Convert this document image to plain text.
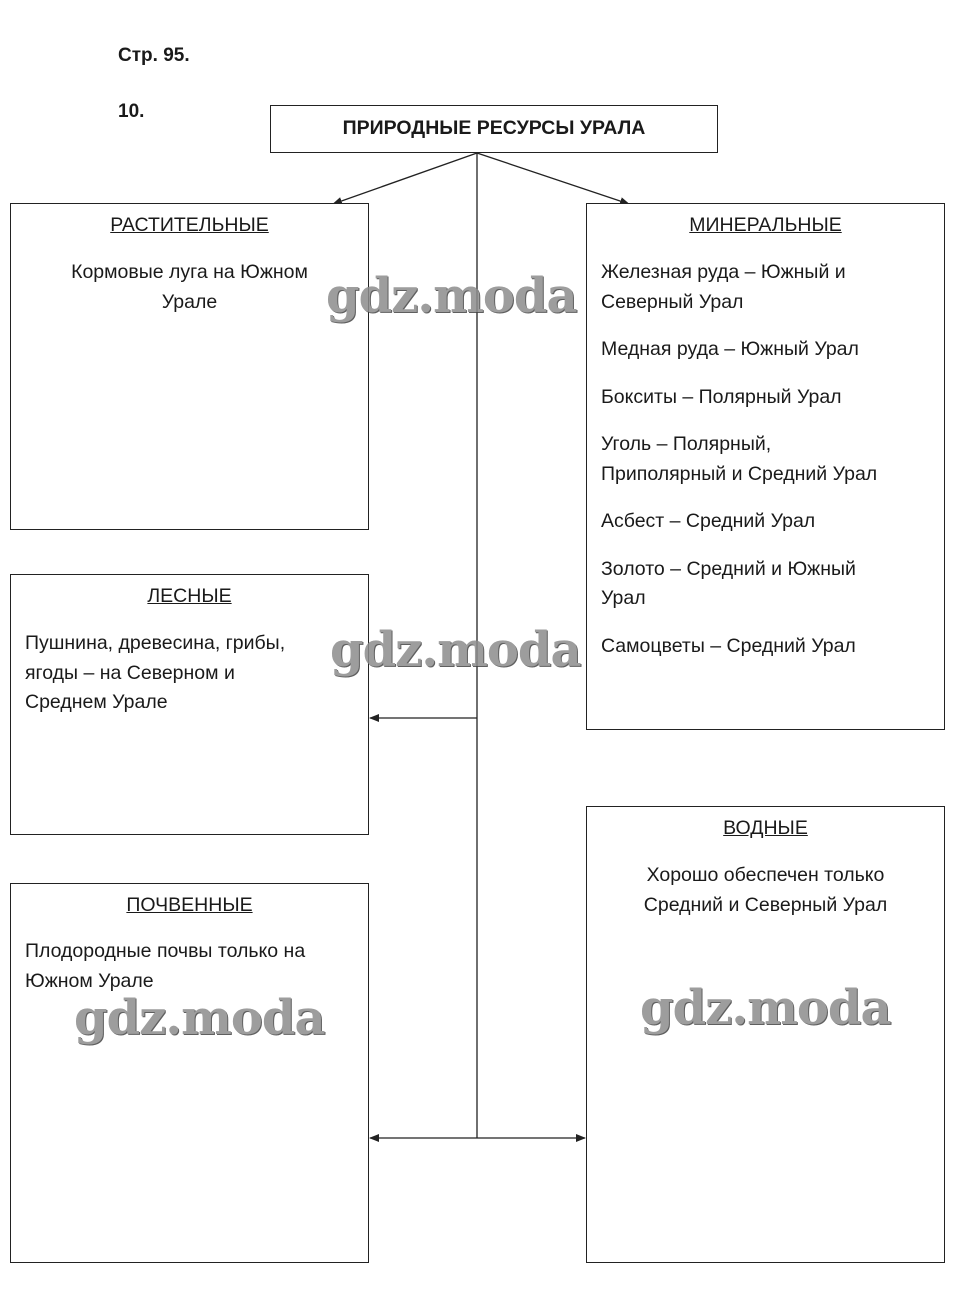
Стр. 95.
10.
ПРИРОДНЫЕ РЕСУРСЫ УРАЛА
РАСТИТЕЛЬНЫЕ
Кормовые луга на Южном
Урале
ЛЕСНЫЕ
Пушнина, древесина, грибы,
ягоды – на Северном и
Среднем Урале
ПОЧВЕННЫЕ
Плодородные почвы только на
Южном Урале
МИНЕРАЛЬНЫЕ
Железная руда – Южный и
Северный Урал
Медная руда – Южный Урал
Бокситы – Полярный Урал
Уголь – Полярный,
Приполярный и Средний Урал
Асбест – Средний Урал
Золото – Средний и Южный
Урал
Самоцветы – Средний Урал
ВОДНЫЕ
Хорошо обеспечен только
Средний и Северный Урал
gdz.moda
gdz.moda
gdz.moda	gdz.moda
